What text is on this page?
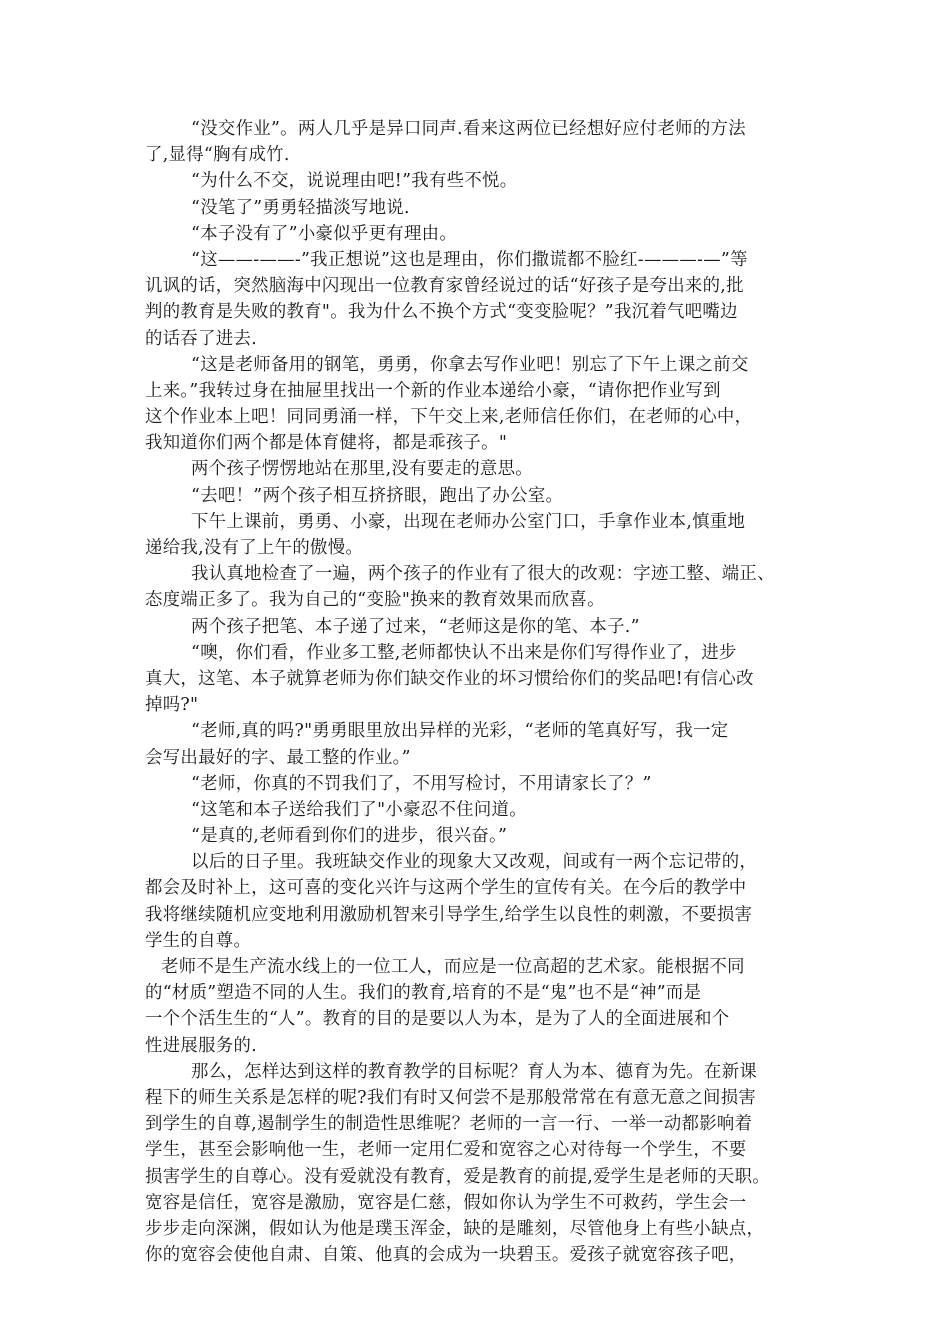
“没交作业”。两人几乎是异口同声.看来这两位已经想好应付老师的方法
了,显得“胸有成竹.
“为什么不交，说说理由吧!”我有些不悦。
“没笔了”勇勇轻描淡写地说.
“本子没有了”小豪似乎更有理由。
“这——-——-”我正想说”这也是理由，你们撒谎都不脸红-———-—”等
讥讽的话，突然脑海中闪现出一位教育家曾经说过的话“好孩子是夸出来的,批
判的教育是失败的教育"。我为什么不换个方式“变变脸呢？”我沉着气吧嘴边
的话吞了进去.
“这是老师备用的钢笔，勇勇，你拿去写作业吧！别忘了下午上课之前交
上来。”我转过身在抽屉里找出一个新的作业本递给小豪，“请你把作业写到
这个作业本上吧！同同勇涌一样，下午交上来,老师信任你们，在老师的心中，
我知道你们两个都是体育健将，都是乖孩子。"
两个孩子愣愣地站在那里,没有要走的意思。
“去吧！”两个孩子相互挤挤眼，跑出了办公室。
下午上课前，勇勇、小豪，出现在老师办公室门口，手拿作业本,慎重地
递给我,没有了上午的傲慢。
我认真地检查了一遍，两个孩子的作业有了很大的改观：字迹工整、端正、
态度端正多了。我为自己的“变脸"换来的教育效果而欣喜。
两个孩子把笔、本子递了过来，“老师这是你的笔、本子.”
“噢，你们看，作业多工整,老师都快认不出来是你们写得作业了，进步
真大，这笔、本子就算老师为你们缺交作业的坏习惯给你们的奖品吧!有信心改
掉吗?"
“老师,真的吗?"勇勇眼里放出异样的光彩，“老师的笔真好写，我一定
会写出最好的字、最工整的作业。”
“老师，你真的不罚我们了，不用写检讨，不用请家长了？”
“这笔和本子送给我们了"小豪忍不住问道。
“是真的,老师看到你们的进步，很兴奋。”
以后的日子里。我班缺交作业的现象大又改观，间或有一两个忘记带的，
都会及时补上，这可喜的变化兴许与这两个学生的宣传有关。在今后的教学中
我将继续随机应变地利用激励机智来引导学生,给学生以良性的刺激，不要损害
学生的自尊。
老师不是生产流水线上的一位工人，而应是一位高超的艺术家。能根据不同
的“材质”塑造不同的人生。我们的教育,培育的不是“鬼”也不是“神”而是
一个个活生生的“人”。教育的目的是要以人为本，是为了人的全面进展和个
性进展服务的.
那么，怎样达到这样的教育教学的目标呢？育人为本、德育为先。在新课
程下的师生关系是怎样的呢?我们有时又何尝不是那般常常在有意无意之间损害
到学生的自尊,遏制学生的制造性思维呢？老师的一言一行、一举一动都影响着
学生，甚至会影响他一生，老师一定用仁爱和宽容之心对待每一个学生，不要
损害学生的自尊心。没有爱就没有教育，爱是教育的前提,爱学生是老师的天职。
宽容是信任，宽容是激励，宽容是仁慈，假如你认为学生不可救药，学生会一
步步走向深渊，假如认为他是璞玉浑金，缺的是雕刻，尽管他身上有些小缺点，
你的宽容会使他自肃、自策、他真的会成为一块碧玉。爱孩子就宽容孩子吧，
